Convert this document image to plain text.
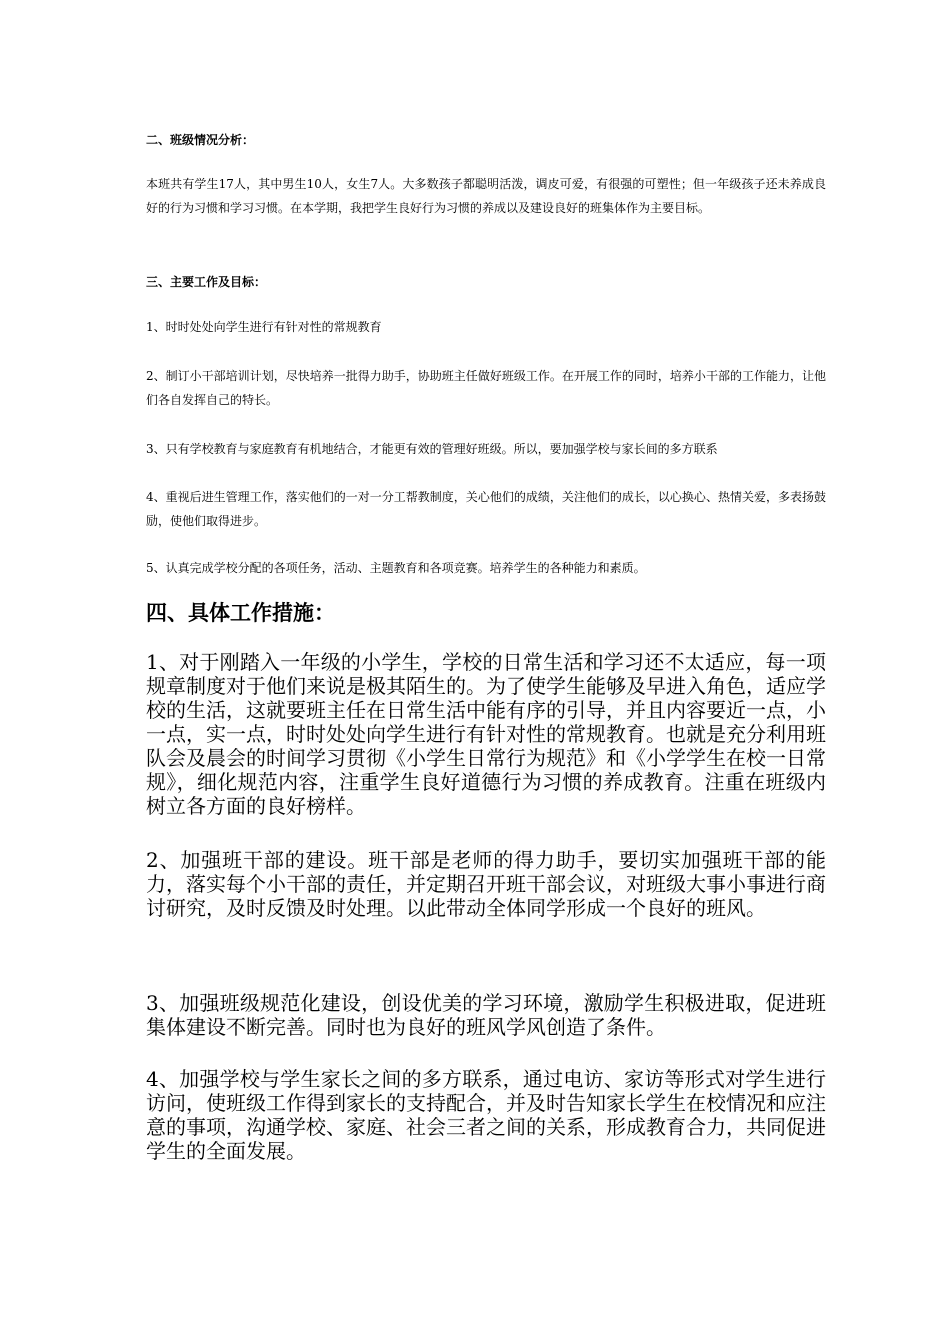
二、班级情况分析：

本班共有学生17人，其中男生10人，女生7人。大多数孩子都聪明活泼，调皮可爱，有很强的可塑性；但一年级孩子还未养成良好的行为习惯和学习习惯。在本学期，我把学生良好行为习惯的养成以及建设良好的班集体作为主要目标。

三、主要工作及目标：

1、时时处处向学生进行有针对性的常规教育

2、制订小干部培训计划，尽快培养一批得力助手，协助班主任做好班级工作。在开展工作的同时，培养小干部的工作能力，让他们各自发挥自己的特长。

3、只有学校教育与家庭教育有机地结合，才能更有效的管理好班级。所以，要加强学校与家长间的多方联系

4、重视后进生管理工作，落实他们的一对一分工帮教制度，关心他们的成绩，关注他们的成长，以心换心、热情关爱，多表扬鼓励，使他们取得进步。

5、认真完成学校分配的各项任务，活动、主题教育和各项竞赛。培养学生的各种能力和素质。

四、具体工作措施：

1、对于刚踏入一年级的小学生，学校的日常生活和学习还不太适应，每一项规章制度对于他们来说是极其陌生的。为了使学生能够及早进入角色，适应学校的生活，这就要班主任在日常生活中能有序的引导，并且内容要近一点，小一点，实一点，时时处处向学生进行有针对性的常规教育。也就是充分利用班队会及晨会的时间学习贯彻《小学生日常行为规范》和《小学学生在校一日常规》，细化规范内容，注重学生良好道德行为习惯的养成教育。注重在班级内树立各方面的良好榜样。

2、加强班干部的建设。班干部是老师的得力助手，要切实加强班干部的能力，落实每个小干部的责任，并定期召开班干部会议，对班级大事小事进行商讨研究，及时反馈及时处理。以此带动全体同学形成一个良好的班风。

3、加强班级规范化建设，创设优美的学习环境，激励学生积极进取，促进班集体建设不断完善。同时也为良好的班风学风创造了条件。

4、加强学校与学生家长之间的多方联系，通过电访、家访等形式对学生进行访问，使班级工作得到家长的支持配合，并及时告知家长学生在校情况和应注意的事项，沟通学校、家庭、社会三者之间的关系，形成教育合力，共同促进学生的全面发展。
